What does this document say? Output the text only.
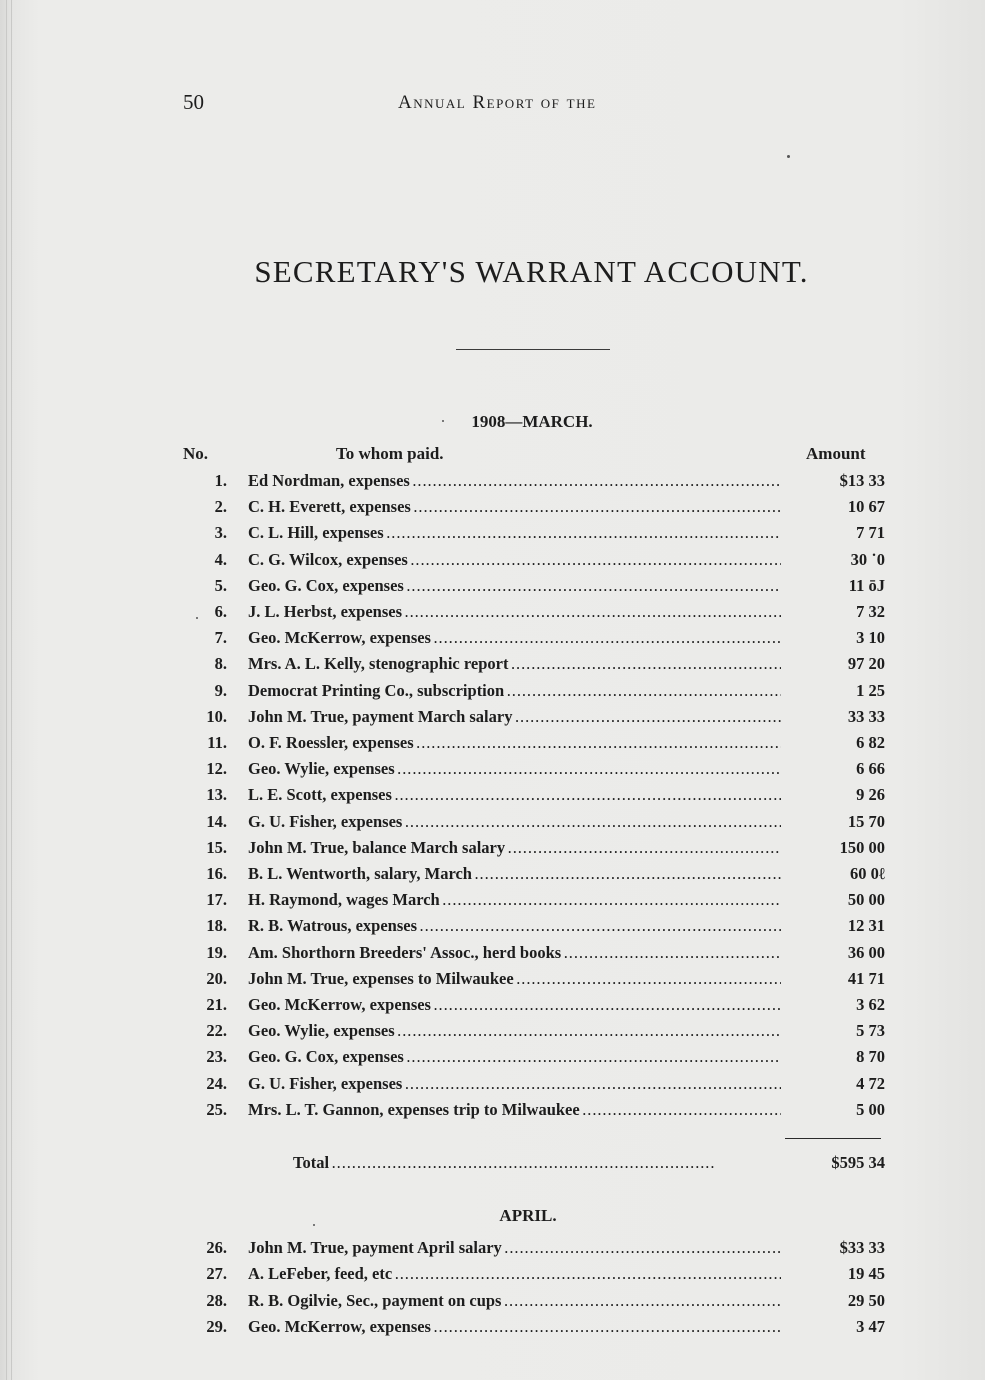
50	Annual Report of the
SECRETARY'S WARRANT ACCOUNT.
1908—MARCH.
No.	To whom paid.	Amount
1. Ed Nordman, expenses . . .	$13 33
2. C. H. Everett, expenses . . .	10 67
3. C. L. Hill, expenses . . .	7 71
4. C. G. Wilcox, expenses . . .	30 ˙0
5. Geo. G. Cox, expenses . . .	11 ōJ
6. J. L. Herbst, expenses . . .	7 32
7. Geo. McKerrow, expenses . . .	3 10
8. Mrs. A. L. Kelly, stenographic report . . .	97 20
9. Democrat Printing Co., subscription . . .	1 25
10. John M. True, payment March salary . . .	33 33
11. O. F. Roessler, expenses . . .	6 82
12. Geo. Wylie, expenses . . .	6 66
13. L. E. Scott, expenses . . .	9 26
14. G. U. Fisher, expenses . . .	15 70
15. John M. True, balance March salary . . .	150 00
16. B. L. Wentworth, salary, March . . .	60 0ℓ
17. H. Raymond, wages March . . .	50 00
18. R. B. Watrous, expenses . . .	12 31
19. Am. Shorthorn Breeders' Assoc., herd books . . .	36 00
20. John M. True, expenses to Milwaukee . . .	41 71
21. Geo. McKerrow, expenses . . .	3 62
22. Geo. Wylie, expenses . . .	5 73
23. Geo. G. Cox, expenses . . .	8 70
24. G. U. Fisher, expenses . . .	4 72
25. Mrs. L. T. Gannon, expenses trip to Milwaukee . . .	5 00
Total . . .	$595 34
APRIL.
26. John M. True, payment April salary . . .	$33 33
27. A. LeFeber, feed, etc . . .	19 45
28. R. B. Ogilvie, Sec., payment on cups . . .	29 50
29. Geo. McKerrow, expenses . . .	3 47
